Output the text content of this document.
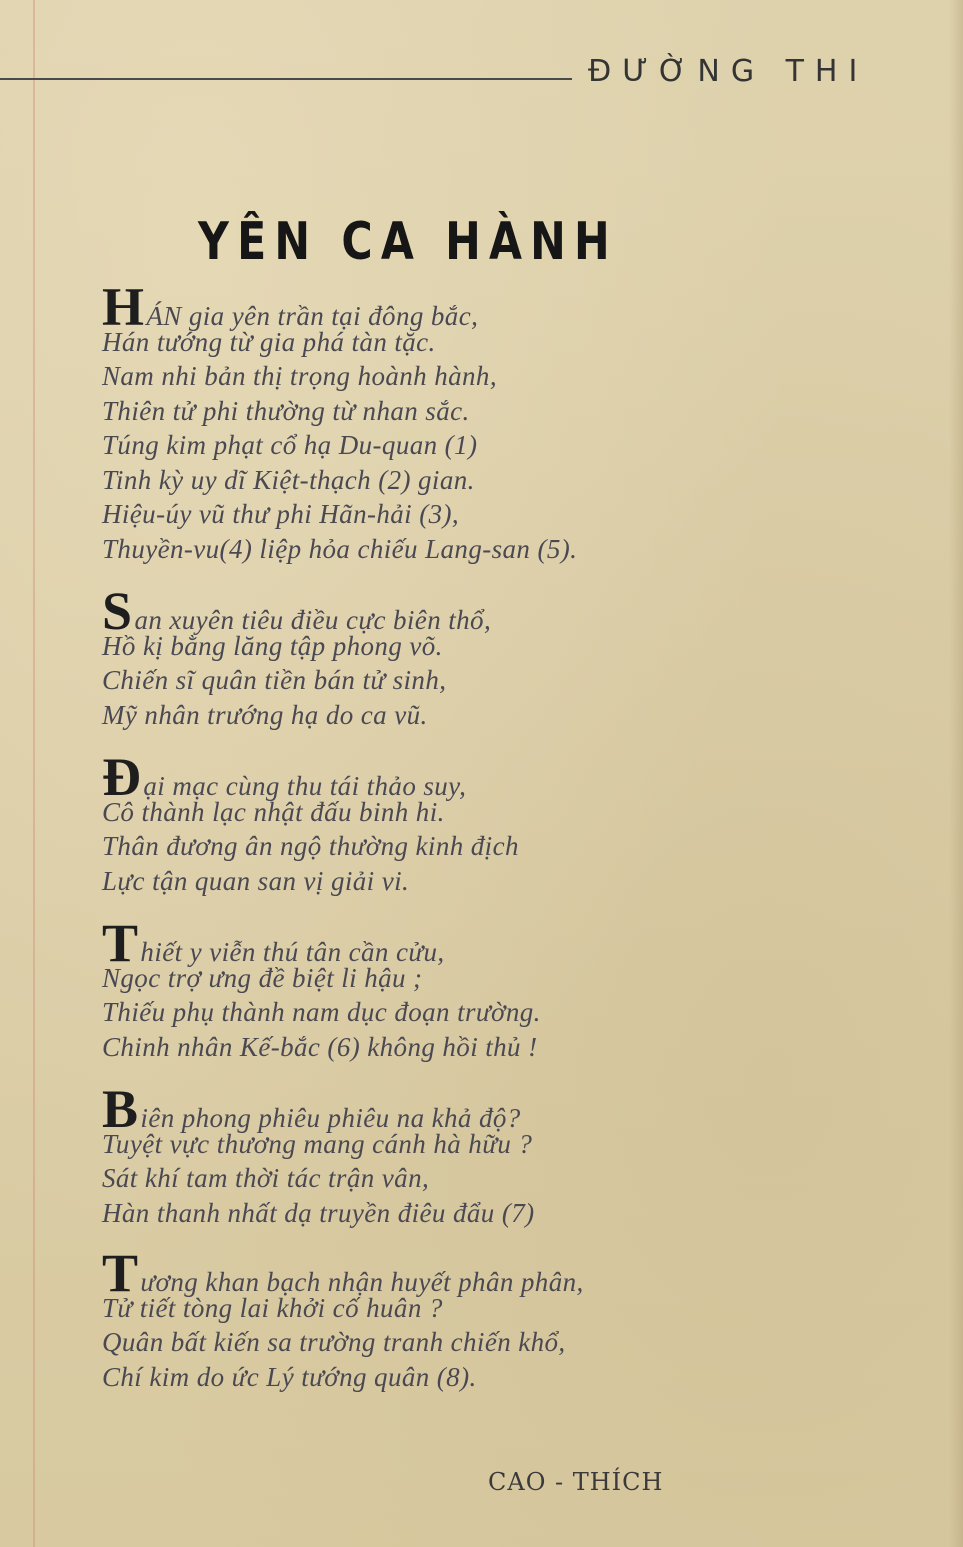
ĐƯỜNG THI
YÊN CA HÀNH
HÁN gia yên trần tại đông bắc,
Hán tướng từ gia phá tàn tặc.
Nam nhi bản thị trọng hoành hành,
Thiên tử phi thường từ nhan sắc.
Túng kim phạt cổ hạ Du-quan (1)
Tinh kỳ uy dĩ Kiệt-thạch (2) gian.
Hiệu-úy vũ thư phi Hãn-hải (3),
Thuyền-vu(4) liệp hỏa chiếu Lang-san (5).
San xuyên tiêu điều cực biên thổ,
Hồ kị bằng lăng tập phong võ.
Chiến sĩ quân tiền bán tử sinh,
Mỹ nhân trướng hạ do ca vũ.
Đại mạc cùng thu tái thảo suy,
Cô thành lạc nhật đấu binh hi.
Thân đương ân ngộ thường kinh địch
Lực tận quan san vị giải vi.
Thiết y viễn thú tân cần cửu,
Ngọc trợ ưng đề biệt li hậu ;
Thiếu phụ thành nam dục đoạn trường.
Chinh nhân Kế-bắc (6) không hồi thủ !
Biên phong phiêu phiêu na khả độ?
Tuyệt vực thương mang cánh hà hữu ?
Sát khí tam thời tác trận vân,
Hàn thanh nhất dạ truyền điêu đẩu (7)
Tương khan bạch nhận huyết phân phân,
Tử tiết tòng lai khởi cố huân ?
Quân bất kiến sa trường tranh chiến khổ,
Chí kim do ức Lý tướng quân (8).
CAO - THÍCH
